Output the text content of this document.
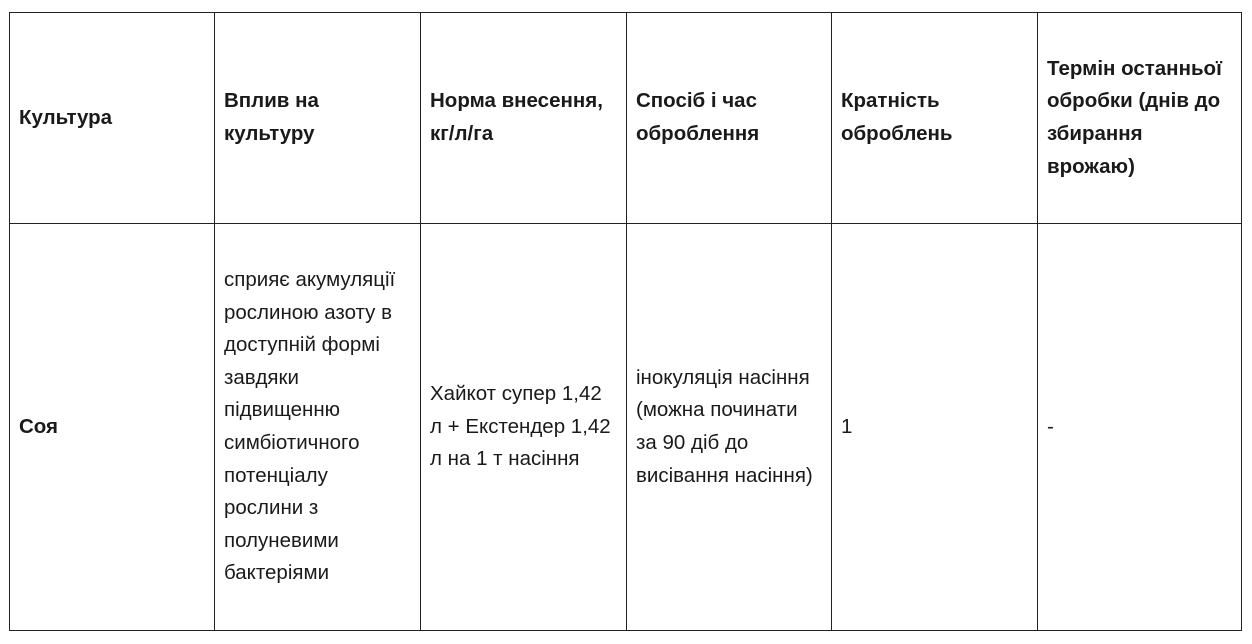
Культура	Вплив на культуру	Норма внесення, кг/л/га	Спосіб і час оброблення	Кратність оброблень	Термін останньої обробки (днів до збирання врожаю)
Соя	сприяє акумуляції рослиною азоту в доступній формі завдяки підвищенню симбіотичного потенціалу рослини з полуневими бактеріями	Хайкот супер 1,42 л + Екстендер 1,42 л на 1 т насіння	інокуляція насіння (можна починати за 90 діб до висівання насіння)	1	-
